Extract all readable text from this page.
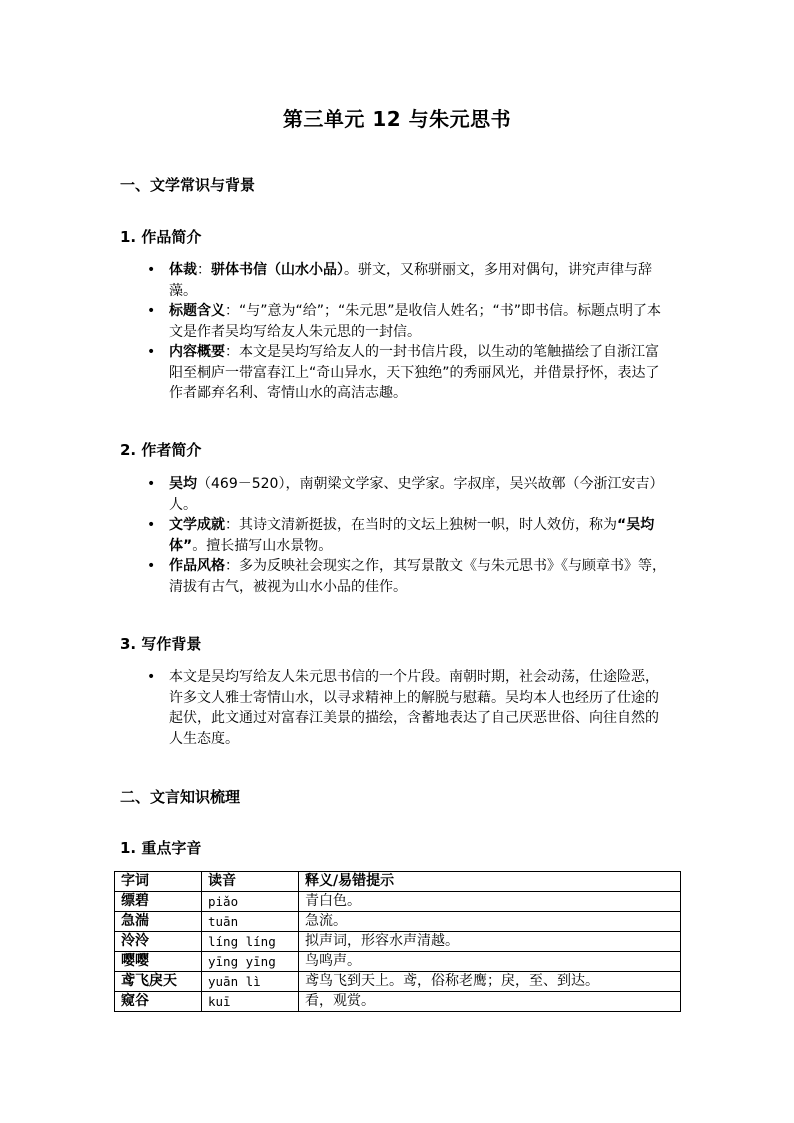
第三单元 12 与朱元思书
一、文学常识与背景
1. 作品简介
• 体裁：骈体书信（山水小品）。骈文，又称骈丽文，多用对偶句，讲究声律与辞藻。
• 标题含义：“与”意为“给”；“朱元思”是收信人姓名；“书”即书信。标题点明了本文是作者吴均写给友人朱元思的一封信。
• 内容概要：本文是吴均写给友人的一封书信片段，以生动的笔触描绘了自浙江富阳至桐庐一带富春江上“奇山异水，天下独绝”的秀丽风光，并借景抒怀，表达了作者鄙弃名利、寄情山水的高洁志趣。
2. 作者简介
• 吴均（469－520），南朝梁文学家、史学家。字叔庠，吴兴故鄣（今浙江安吉）人。
• 文学成就：其诗文清新挺拔，在当时的文坛上独树一帜，时人效仿，称为“吴均体”。擅长描写山水景物。
• 作品风格：多为反映社会现实之作，其写景散文《与朱元思书》《与顾章书》等，清拔有古气，被视为山水小品的佳作。
3. 写作背景
• 本文是吴均写给友人朱元思书信的一个片段。南朝时期，社会动荡，仕途险恶，许多文人雅士寄情山水，以寻求精神上的解脱与慰藉。吴均本人也经历了仕途的起伏，此文通过对富春江美景的描绘，含蓄地表达了自己厌恶世俗、向往自然的人生态度。
二、文言知识梳理
1. 重点字音
字词	读音	释义/易错提示
缥碧	piǎo	青白色。
急湍	tuān	急流。
泠泠	líng líng	拟声词，形容水声清越。
嘤嘤	yīng yīng	鸟鸣声。
鸢飞戾天	yuān lì	鸢鸟飞到天上。鸢，俗称老鹰；戾，至、到达。
窥谷	kuī	看，观赏。
